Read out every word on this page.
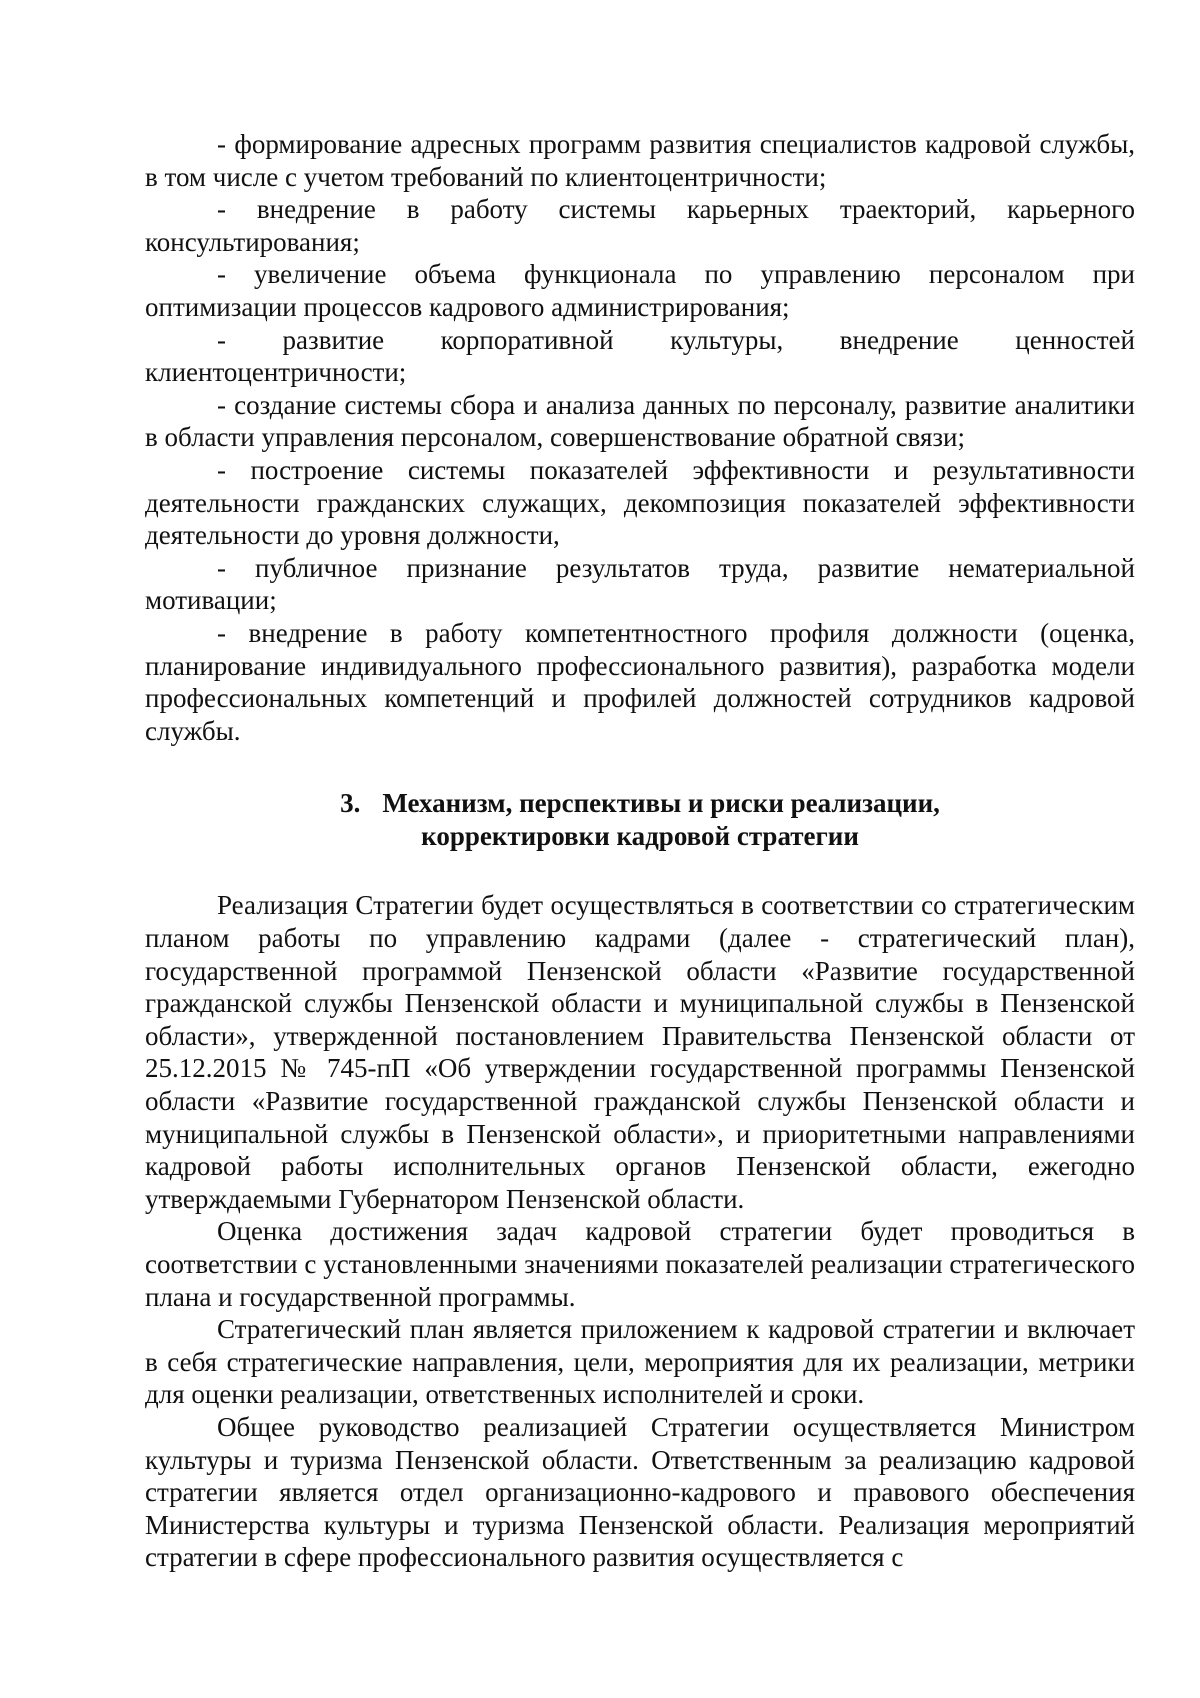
- формирование адресных программ развития специалистов кадровой службы, в том числе с учетом требований по клиентоцентричности;

- внедрение в работу системы карьерных траекторий, карьерного консультирования;

- увеличение объема функционала по управлению персоналом при оптимизации процессов кадрового администрирования;

- развитие корпоративной культуры, внедрение ценностей клиентоцентричности;

- создание системы сбора и анализа данных по персоналу, развитие аналитики в области управления персоналом, совершенствование обратной связи;

- построение системы показателей эффективности и результативности деятельности гражданских служащих, декомпозиция показателей эффективности деятельности до уровня должности,

- публичное признание результатов труда, развитие нематериальной мотивации;

- внедрение в работу компетентностного профиля должности (оценка, планирование индивидуального профессионального развития), разработка модели профессиональных компетенций и профилей должностей сотрудников кадровой службы.

3. Механизм, перспективы и риски реализации,
корректировки кадровой стратегии

Реализация Стратегии будет осуществляться в соответствии со стратегическим планом работы по управлению кадрами (далее - стратегический план), государственной программой Пензенской области «Развитие государственной гражданской службы Пензенской области и муниципальной службы в Пензенской области», утвержденной постановлением Правительства Пензенской области от 25.12.2015 № 745-пП «Об утверждении государственной программы Пензенской области «Развитие государственной гражданской службы Пензенской области и муниципальной службы в Пензенской области», и приоритетными направлениями кадровой работы исполнительных органов Пензенской области, ежегодно утверждаемыми Губернатором Пензенской области.

Оценка достижения задач кадровой стратегии будет проводиться в соответствии с установленными значениями показателей реализации стратегического плана и государственной программы.

Стратегический план является приложением к кадровой стратегии и включает в себя стратегические направления, цели, мероприятия для их реализации, метрики для оценки реализации, ответственных исполнителей и сроки.

Общее руководство реализацией Стратегии осуществляется Министром культуры и туризма Пензенской области. Ответственным за реализацию кадровой стратегии является отдел организационно-кадрового и правового обеспечения Министерства культуры и туризма Пензенской области. Реализация мероприятий стратегии в сфере профессионального развития осуществляется с
